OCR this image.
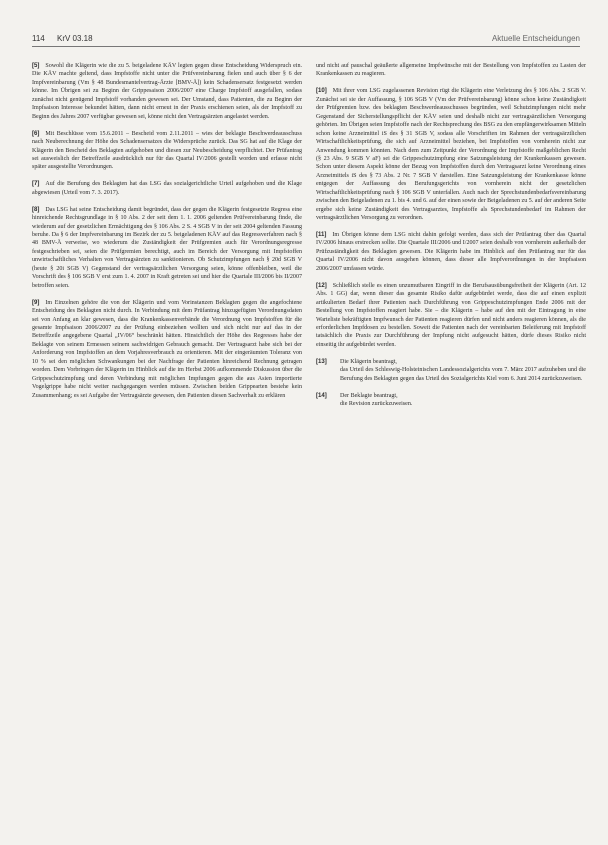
114 KrV 03.18	Aktuelle Entscheidungen

[5] Sowohl die Klägerin wie die zu 5. beigeladene KÄV legten gegen diese Entscheidung Widerspruch ein. Die KÄV machte geltend, dass Impfstoffe nicht unter die Prüfvereinbarung fielen und auch über § 6 der Impfvereinbarung (Vm § 48 Bundesmantelvertrag-Ärzte [BMV-Ä]) kein Schadensersatz festgesetzt werden könne. Im Übrigen sei zu Beginn der Grippesaison 2006/2007 eine Charge Impfstoff ausgefallen, sodass zunächst nicht genügend Impfstoff vorhanden gewesen sei. Der Umstand, dass Patienten, die zu Beginn der Impfsaison Interesse bekundet hätten, dann nicht erneut in der Praxis erschienen seien, als der Impfstoff zu Beginn des Jahres 2007 verfügbar gewesen sei, könne nicht den Vertragsärzten angelastet werden.

[6] Mit Beschlüsse vom 15.6.2011 – Bescheid vom 2.11.2011 – wies der beklagte Beschwerdeausschuss nach Neuberechnung der Höhe des Schadensersatzes die Widersprüche zurück. Das SG hat auf die Klage der Klägerin den Bescheid des Beklagten aufgehoben und diesen zur Neubescheidung verpflichtet. Der Prüfantrag sei ausweislich der Betreffzeile ausdrücklich nur für das Quartal IV/2006 gestellt worden und erfasse nicht später ausgestellte Verordnungen.

[7] Auf die Berufung des Beklagten hat das LSG das sozialgerichtliche Urteil aufgehoben und die Klage abgewiesen (Urteil vom 7. 3. 2017).

[8] Das LSG hat seine Entscheidung damit begründet, dass der gegen die Klägerin festgesetzte Regress eine hinreichende Rechtsgrundlage in § 10 Abs. 2 der seit dem 1. 1. 2006 geltenden Prüfvereinbarung finde, die wiederum auf der gesetzlichen Ermächtigung des § 106 Abs. 2 S. 4 SGB V in der seit 2004 geltenden Fassung beruhe. Da § 6 der Impfvereinbarung im Bezirk der zu 5. beigeladenen KÄV auf das Regressverfahren nach § 48 BMV-Ä verweise, wo wiederum die Zuständigkeit der Prüfgremien auch für Verordnungsregresse festgeschrieben sei, seien die Prüfgremien berechtigt, auch im Bereich der Versorgung mit Impfstoffen unwirtschaftliches Verhalten von Vertragsärzten zu sanktionieren. Ob Schutzimpfungen nach § 20d SGB V (heute § 20i SGB V) Gegenstand der vertragsärztlichen Versorgung seien, könne offenbleiben, weil die Vorschrift des § 106 SGB V erst zum 1. 4. 2007 in Kraft getreten sei und hier die Quartale III/2006 bis II/2007 betroffen seien.

[9] Im Einzelnen gehöre die von der Klägerin und vom Vorinstanzen Beklagten gegen die angefochtene Entscheidung des Beklagten nicht durch. In Verbindung mit dem Prüfantrag hinzugefügten Verordnungsdaten sei von Anfang an klar gewesen, dass die Krankenkassenverbände die Verordnung von Impfstoffen für die gesamte Impfsaison 2006/2007 zu der Prüfung einbeziehen wollten und sich nicht nur auf das in der Betreffzeile angegebene Quartal „IV/06“ beschränkt hätten. Hinsichtlich der Höhe des Regresses habe der Beklagte von seinem Ermessen seinem sachwidrigen Gebrauch gemacht. Der Vertragsarzt habe sich bei der Anforderung von Impfstoffen an dem Vorjahresverbrauch zu orientieren. Mit der eingeräumten Toleranz von 10 % sei den möglichen Schwankungen bei der Nachfrage der Patienten hinreichend Rechnung getragen worden. Dem Vorbringen der Klägerin im Hinblick auf die im Herbst 2006 aufkommende Diskussion über die Grippeschutzimpfung und deren Verbindung mit möglichen Impfungen gegen die aus Asien importierte Vogelgrippe habe nicht weiter nachgegangen werden müssen. Zwischen beiden Grippearten bestehe kein Zusammenhang; es sei Aufgabe der Vertragsärzte gewesen, den Patienten diesen Sachverhalt zu erklären

und nicht auf pauschal geäußerte allgemeine Impfwünsche mit der Bestellung von Impfstoffen zu Lasten der Krankenkassen zu reagieren.

[10] Mit ihrer vom LSG zugelassenen Revision rügt die Klägerin eine Verletzung des § 106 Abs. 2 SGB V. Zunächst sei sie der Auffassung, § 106 SGB V (Vm der Prüfvereinbarung) könne schon keine Zuständigkeit der Prüfgremien bzw. des beklagten Beschwerdeausschusses begründen, weil Schutzimpfungen nicht mehr Gegenstand der Sicherstellungspflicht der KÄV seien und deshalb nicht zur vertragsärztlichen Versorgung gehörten. Im Übrigen seien Impfstoffe nach der Rechtsprechung des BSG zu den empfängerwirksamen Mitteln schon keine Arzneimittel iS des § 31 SGB V, sodass alle Vorschriften im Rahmen der vertragsärztlichen Wirtschaftlichkeitsprüfung, die sich auf Arzneimittel beziehen, bei Impfstoffen von vornherein nicht zur Anwendung kommen könnten. Nach dem zum Zeitpunkt der Verordnung der Impfstoffe maßgeblichen Recht (§ 23 Abs. 9 SGB V aF) sei die Grippeschutzimpfung eine Satzungsleistung der Krankenkassen gewesen. Schon unter diesem Aspekt könne der Bezug von Impfstoffen durch den Vertragsarzt keine Verordnung eines Arzneimittels iS des § 73 Abs. 2 Nr. 7 SGB V darstellen. Eine Satzungsleistung der Krankenkasse könne entgegen der Auffassung des Berufungsgerichts von vornherein nicht der gesetzlichen Wirtschaftlichkeitsprüfung nach § 106 SGB V unterfallen. Auch nach der Sprechstundenbedarfsvereinbarung zwischen den Beigeladenen zu 1. bis 4. und 6. auf der einen sowie der Beigeladenen zu 5. auf der anderen Seite ergebe sich keine Zuständigkeit des Vertragsarztes, Impfstoffe als Sprechstundenbedarf im Rahmen der vertragsärztlichen Versorgung zu verordnen.

[11] Im Übrigen könne dem LSG nicht dahin gefolgt werden, dass sich der Prüfantrag über das Quartal IV/2006 hinaus erstrecken sollte. Die Quartale III/2006 und I/2007 seien deshalb von vornherein außerhalb der Prüfzuständigkeit des Beklagten gewesen. Die Klägerin habe im Hinblick auf den Prüfantrag nur für das Quartal IV/2006 nicht davon ausgehen können, dass dieser alle Impfverordnungen in der Impfsaison 2006/2007 umfassen würde.

[12] Schließlich stelle es einen unzumutbaren Eingriff in die Berufsausübungsfreiheit der Klägerin (Art. 12 Abs. 1 GG) dar, wenn dieser das gesamte Risiko dafür aufgebürdet werde, dass die auf einen explizit artikulierten Bedarf ihrer Patienten nach Durchführung von Grippeschutzimpfungen Ende 2006 mit der Bestellung von Impfstoffen reagiert habe. Sie – die Klägerin – habe auf den mit der Eintragung in eine Warteliste bekräftigten Impfwunsch der Patienten reagieren dürfen und nicht anders reagieren können, als die erforderlichen Impfdosen zu bestellen. Soweit die Patienten nach der vereinbarten Beleiferung mit Impfstoff tatsächlich die Praxis zur Durchführung der Impfung nicht aufgesucht hätten, dürfe dieses Risiko nicht einseitig ihr aufgebürdet werden.

[13]	Die Klägerin beantragt,
das Urteil des Schleswig-Holsteinischen Landessozialgerichts vom 7. März 2017 aufzuheben und die Berufung des Beklagten gegen das Urteil des Sozialgerichts Kiel vom 6. Juni 2014 zurückzuweisen.
[14]	Der Beklagte beantragt,
die Revision zurückzuweisen.
